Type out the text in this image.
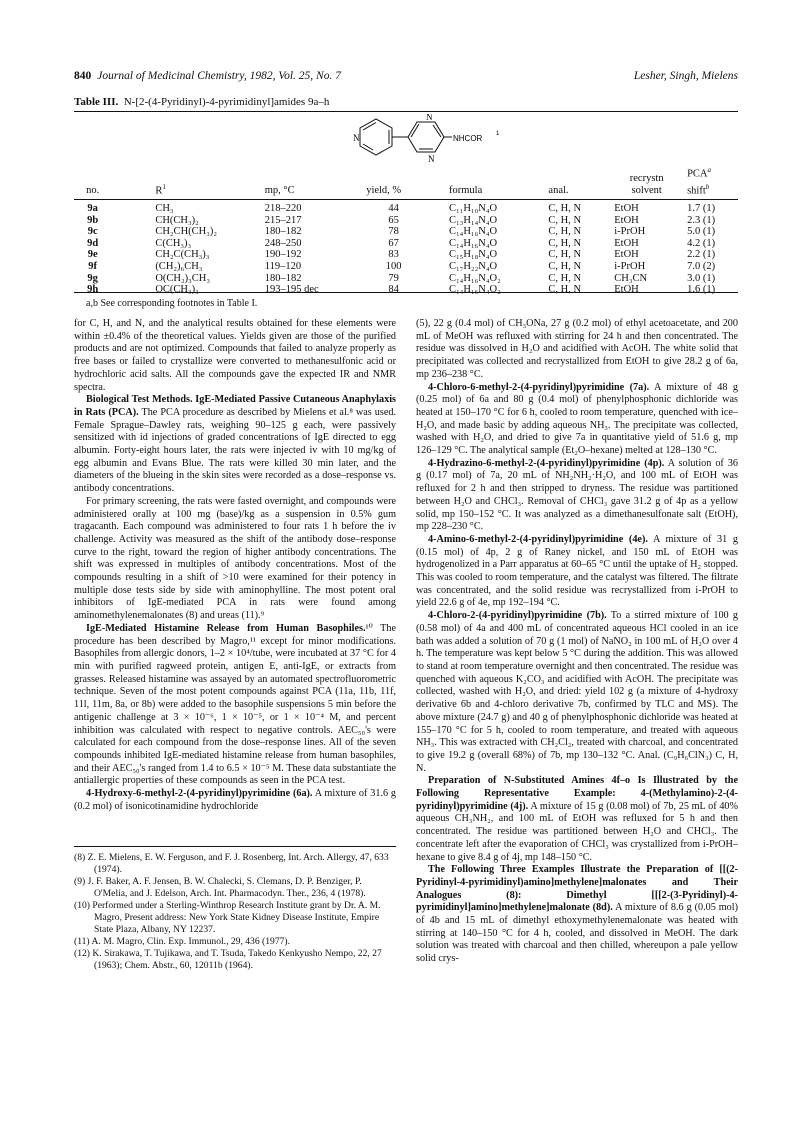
840 Journal of Medicinal Chemistry, 1982, Vol. 25, No. 7	Lesher, Singh, Mielens
Table III. N-[2-(4-Pyridinyl)-4-pyrimidinyl]amides 9a–h
N
N
N
NHCOR 1
no.	$R^1$	mp, °C	yield, %	formula	anal.	recrystn solvent	PCA$^a$
shift$^b$

9a	CH₃	218–220	44	C₁₁H₁₀N₄O	C, H, N	EtOH	1.7 (1)
9b	CH(CH₃)₂	215–217	65	C₁₃H₁₄N₄O	C, H, N	EtOH	2.3 (1)
9c	CH₂CH(CH₃)₂	180–182	78	C₁₄H₁₆N₄O	C, H, N	i-PrOH	5.0 (1)
9d	C(CH₃)₃	248–250	67	C₁₄H₁₆N₄O	C, H, N	EtOH	4.2 (1)
9e	CH₂C(CH₃)₃	190–192	83	C₁₅H₁₈N₄O	C, H, N	EtOH	2.2 (1)
9f	(CH₂)₆CH₃	119–120	100	C₁₇H₂₂N₄O	C, H, N	i-PrOH	7.0 (2)
9g	O(CH₂)₃CH₃	180–182	79	C₁₄H₁₆N₄O₂	C, H, N	CH₃CN	3.0 (1)
9h	OC(CH₃)₃	193–195 dec	84	C₁₄H₁₆N₄O₂	C, H, N	EtOH	1.6 (1)
a,b See corresponding footnotes in Table I.

for C, H, and N, and the analytical results obtained for these elements were within ±0.4% of the theoretical values. Yields given are those of the purified products and are not optimized. Compounds that failed to analyze properly as free bases or failed to crystallize were converted to methanesulfonic acid or hydrochloric acid salts. All the compounds gave the expected IR and NMR spectra.

Biological Test Methods. IgE-Mediated Passive Cutaneous Anaphylaxis in Rats (PCA). The PCA procedure as described by Mielens et al.⁸ was used. Female Sprague–Dawley rats, weighing 90–125 g each, were passively sensitized with id injections of graded concentrations of IgE directed to egg albumin. Forty-eight hours later, the rats were injected iv with 10 mg/kg of egg albumin and Evans Blue. The rats were killed 30 min later, and the diameters of the blueing in the skin sites were recorded as a dose–response vs. antibody concentrations.

For primary screening, the rats were fasted overnight, and compounds were administered orally at 100 mg (base)/kg as a suspension in 0.5% gum tragacanth. Each compound was administered to four rats 1 h before the iv challenge. Activity was measured as the shift of the antibody dose–response curve to the right, toward the region of higher antibody concentrations. The shift was expressed in multiples of antibody concentrations. Most of the compounds resulting in a shift of >10 were examined for their potency in multiple dose tests side by side with aminophylline. The most potent oral inhibitors of IgE-mediated PCA in rats were found among aminomethylenemalonates (8) and ureas (11).⁹

IgE-Mediated Histamine Release from Human Basophiles.¹⁰ The procedure has been described by Magro,¹¹ except for minor modifications. Basophiles from allergic donors, 1–2 × 10⁴/tube, were incubated at 37 °C for 4 min with purified ragweed protein, antigen E, anti-IgE, or extracts from grasses. Released histamine was assayed by an automated spectrofluorometric technique. Seven of the most potent compounds against PCA (11a, 11b, 11f, 11l, 11m, 8a, or 8b) were added to the basophile suspensions 5 min before the antigenic challenge at 3 × 10⁻⁶, 1 × 10⁻⁵, or 1 × 10⁻⁴ M, and percent inhibition was calculated with respect to negative controls. AEC₅₀'s were calculated for each compound from the dose–response lines. All of the seven compounds inhibited IgE-mediated histamine release from human basophiles, and their AEC₅₀'s ranged from 1.4 to 6.5 × 10⁻⁵ M. These data substantiate the antiallergic properties of these compounds as seen in the PCA test.

4-Hydroxy-6-methyl-2-(4-pyridinyl)pyrimidine (6a). A mixture of 31.6 g (0.2 mol) of isonicotinamidine hydrochloride

(5), 22 g (0.4 mol) of CH₃ONa, 27 g (0.2 mol) of ethyl acetoacetate, and 200 mL of MeOH was refluxed with stirring for 24 h and then concentrated. The residue was dissolved in H₂O and acidified with AcOH. The white solid that precipitated was collected and recrystallized from EtOH to give 28.2 g of 6a, mp 236–238 °C.

4-Chloro-6-methyl-2-(4-pyridinyl)pyrimidine (7a). A mixture of 48 g (0.25 mol) of 6a and 80 g (0.4 mol) of phenylphosphonic dichloride was heated at 150–170 °C for 6 h, cooled to room temperature, quenched with ice–H₂O, and made basic by adding aqueous NH₃. The precipitate was collected, washed with H₂O, and dried to give 7a in quantitative yield of 51.6 g, mp 126–129 °C. The analytical sample (Et₂O–hexane) melted at 128–130 °C.

4-Hydrazino-6-methyl-2-(4-pyridinyl)pyrimidine (4p). A solution of 36 g (0.17 mol) of 7a, 20 mL of NH₂NH₂·H₂O, and 100 mL of EtOH was refluxed for 2 h and then stripped to dryness. The residue was partitioned between H₂O and CHCl₃. Removal of CHCl₃ gave 31.2 g of 4p as a yellow solid, mp 150–152 °C. It was analyzed as a dimethanesulfonate salt (EtOH), mp 228–230 °C.

4-Amino-6-methyl-2-(4-pyridinyl)pyrimidine (4e). A mixture of 31 g (0.15 mol) of 4p, 2 g of Raney nickel, and 150 mL of EtOH was hydrogenolized in a Parr apparatus at 60–65 °C until the uptake of H₂ stopped. This was cooled to room temperature, and the catalyst was filtered. The filtrate was concentrated, and the solid residue was recrystallized from i-PrOH to yield 22.6 g of 4e, mp 192–194 °C.

4-Chloro-2-(4-pyridinyl)pyrimidine (7b). To a stirred mixture of 100 g (0.58 mol) of 4a and 400 mL of concentrated aqueous HCl cooled in an ice bath was added a solution of 70 g (1 mol) of NaNO₂ in 100 mL of H₂O over 4 h. The temperature was kept below 5 °C during the addition. This was allowed to stand at room temperature overnight and then concentrated. The residue was quenched with aqueous K₂CO₃ and acidified with AcOH. The precipitate was collected, washed with H₂O, and dried: yield 102 g (a mixture of 4-hydroxy derivative 6b and 4-chloro derivative 7b, confirmed by TLC and MS). The above mixture (24.7 g) and 40 g of phenylphosphonic dichloride was heated at 155–170 °C for 5 h, cooled to room temperature, and treated with aqueous NH₃. This was extracted with CH₂Cl₂, treated with charcoal, and concentrated to give 19.2 g (overall 68%) of 7b, mp 130–132 °C. Anal. (C₉H₆ClN₃) C, H, N.

Preparation of N-Substituted Amines 4f–o Is Illustrated by the Following Representative Example: 4-(Methylamino)-2-(4-pyridinyl)pyrimidine (4j). A mixture of 15 g (0.08 mol) of 7b, 25 mL of 40% aqueous CH₃NH₂, and 100 mL of EtOH was refluxed for 5 h and then concentrated. The residue was partitioned between H₂O and CHCl₃. The concentrate left after the evaporation of CHCl₃ was crystallized from i-PrOH–hexane to give 8.4 g of 4j, mp 148–150 °C.

The Following Three Examples Illustrate the Preparation of [[(2-Pyridinyl-4-pyrimidinyl)amino]methylene]malonates and Their Analogues (8): Dimethyl [[[2-(3-Pyridinyl)-4-pyrimidinyl]amino]methylene]malonate (8d). A mixture of 8.6 g (0.05 mol) of 4b and 15 mL of dimethyl ethoxymethylenemalonate was heated with stirring at 140–150 °C for 4 h, cooled, and dissolved in MeOH. The dark solution was treated with charcoal and then chilled, whereupon a pale yellow solid crys-

(8) Z. E. Mielens, E. W. Ferguson, and F. J. Rosenberg, Int. Arch. Allergy, 47, 633 (1974).

(9) J. F. Baker, A. F. Jensen, B. W. Chalecki, S. Clemans, D. P. Benziger, P. O'Melia, and J. Edelson, Arch. Int. Pharmacodyn. Ther., 236, 4 (1978).

(10) Performed under a Sterling-Winthrop Research Institute grant by Dr. A. M. Magro, Present address: New York State Kidney Disease Institute, Empire State Plaza, Albany, NY 12237.

(11) A. M. Magro, Clin. Exp. Immunol., 29, 436 (1977).

(12) K. Sirakawa, T. Tujikawa, and T. Tsuda, Takedo Kenkyusho Nempo, 22, 27 (1963); Chem. Abstr., 60, 12011b (1964).
